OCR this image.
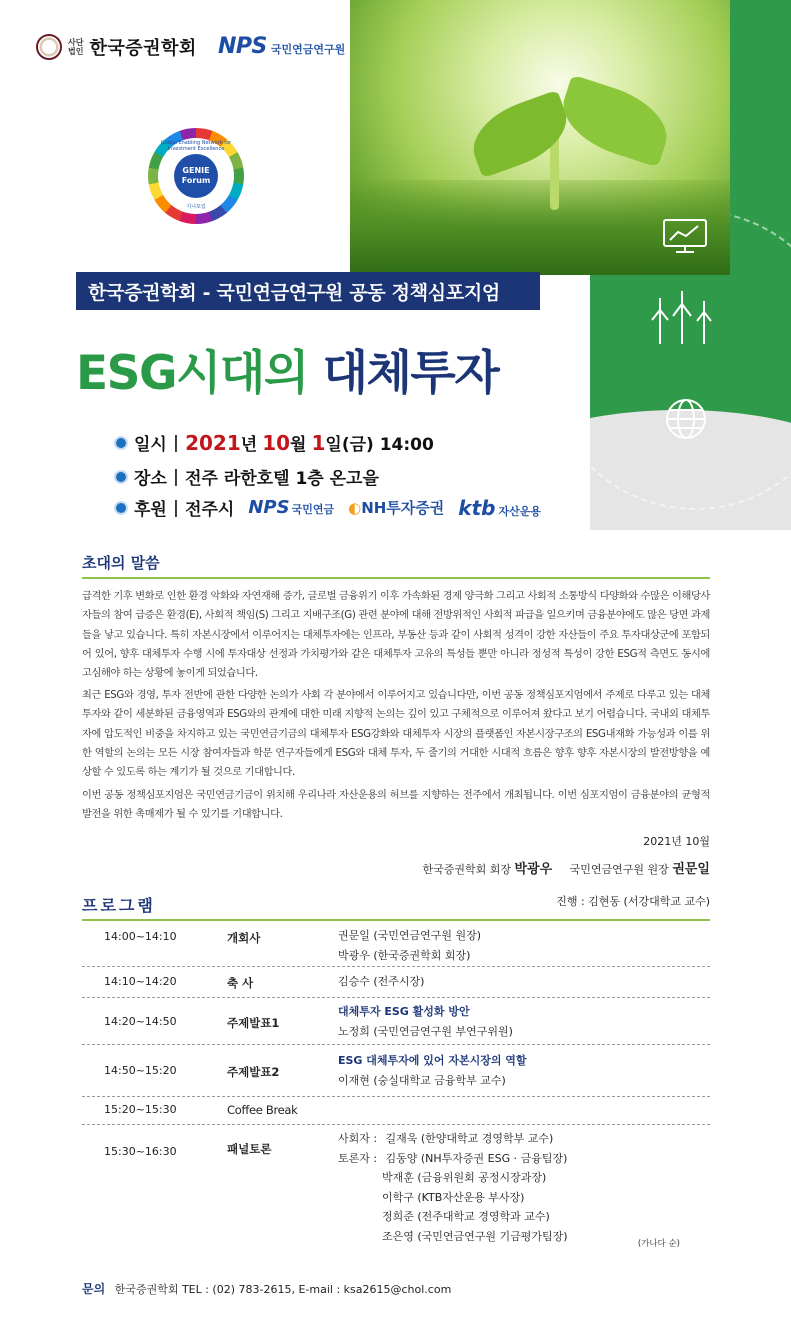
사단
법인 한국증권학회 NPS 국민연금연구원
Global Enabling Network for Investment Excellence
GENIE
Forum
지니포럼
한국증권학회 - 국민연금연구원 공동 정책심포지엄
ESG시대의 대체투자
일시 | 2021 년 10 월 1 일(금) 14:00
장소 | 전주 라한호텔 1층 온고을
후원 | 전주시 NPS 국민연금 ◐NH투자증권 ktb 자산운용
초대의 말씀

급격한 기후 변화로 인한 환경 악화와 자연재해 증가, 글로벌 금융위기 이후 가속화된 경제 양극화 그리고 사회적 소통방식 다양화와 수많은 이해당사자들의 참여 급증은 환경(E), 사회적 책임(S) 그리고 지배구조(G) 관련 분야에 대해 전방위적인 사회적 파급을 일으키며 금융분야에도 많은 당면 과제들을 낳고 있습니다. 특히 자본시장에서 이루어지는 대체투자에는 인프라, 부동산 등과 같이 사회적 성격이 강한 자산들이 주요 투자대상군에 포함되어 있어, 향후 대체투자 수행 시에 투자대상 선정과 가치평가와 같은 대체투자 고유의 특성들 뿐만 아니라 정성적 특성이 강한 ESG적 측면도 동시에 고심해야 하는 상황에 놓이게 되었습니다.

최근 ESG와 경영, 투자 전반에 관한 다양한 논의가 사회 각 분야에서 이루어지고 있습니다만, 이번 공동 정책심포지엄에서 주제로 다루고 있는 대체투자와 같이 세분화된 금융영역과 ESG와의 관계에 대한 미래 지향적 논의는 깊이 있고 구체적으로 이루어져 왔다고 보기 어렵습니다. 국내외 대체투자에 압도적인 비중을 차지하고 있는 국민연금기금의 대체투자 ESG강화와 대체투자 시장의 플랫폼인 자본시장구조의 ESG내재화 가능성과 이를 위한 역할의 논의는 모든 시장 참여자들과 학문 연구자들에게 ESG와 대체 투자, 두 줄기의 거대한 시대적 흐름은 향후 향후 자본시장의 발전방향을 예상할 수 있도록 하는 계기가 될 것으로 기대합니다.

이번 공동 정책심포지엄은 국민연금기금이 위치해 우리나라 자산운용의 허브를 지향하는 전주에서 개최됩니다. 이번 심포지엄이 금융분야의 균형적 발전을 위한 촉매제가 될 수 있기를 기대합니다.

2021년 10월
한국증권학회 회장 박광우 국민연금연구원 원장 권문일
프로그램	진행 : 김현동 (서강대학교 교수)
14:00~14:10	개회사	권문일 (국민연금연구원 원장)
박광우 (한국증권학회 회장)
14:10~14:20	축 사	김승수 (전주시장)
14:20~14:50	주제발표1
대체투자 ESG 활성화 방안
노정희 (국민연금연구원 부연구위원)
14:50~15:20	주제발표2
ESG 대체투자에 있어 자본시장의 역할
이재현 (숭실대학교 금융학부 교수)
15:20~15:30	Coffee Break
15:30~16:30	패널토론
사회자 : 길재욱 (한양대학교 경영학부 교수)
토론자 : 김동양 (NH투자증권 ESG · 금융팀장)
박재훈 (금융위원회 공정시장과장)
이학구 (KTB자산운용 부사장)
정희준 (전주대학교 경영학과 교수)
조은영 (국민연금연구원 기금평가팀장)
(가나다 순)
문의 한국증권학회 TEL : (02) 783-2615, E-mail : ksa2615@chol.com
